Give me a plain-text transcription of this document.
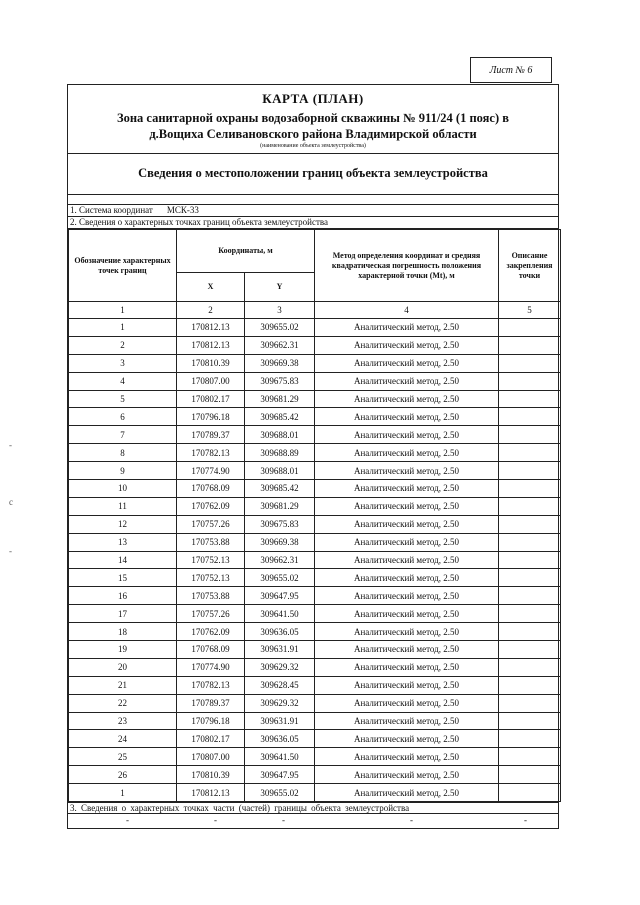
Лист № 6
КАРТА (ПЛАН)
Зона санитарной охраны водозаборной скважины № 911/24 (1 пояс) в
д.Вощиха Селивановского района Владимирской области
(наименование объекта землеустройства)
Сведения о местоположении границ объекта землеустройства
1. Система координат МСК-33
2. Сведения о характерных точках границ объекта землеустройства
Обозначение характерных точек границ	Координаты, м		Метод определения координат и средняя квадратическая погрешность положения характерной точки (Mt), м	Описание закрепления точки
	X	Y		
1	2	3	4	5
1	170812.13	309655.02	Аналитический метод, 2.50	
2	170812.13	309662.31	Аналитический метод, 2.50	
3	170810.39	309669.38	Аналитический метод, 2.50	
4	170807.00	309675.83	Аналитический метод, 2.50	
5	170802.17	309681.29	Аналитический метод, 2.50	
6	170796.18	309685.42	Аналитический метод, 2.50	
7	170789.37	309688.01	Аналитический метод, 2.50	
8	170782.13	309688.89	Аналитический метод, 2.50	
9	170774.90	309688.01	Аналитический метод, 2.50	
10	170768.09	309685.42	Аналитический метод, 2.50	
11	170762.09	309681.29	Аналитический метод, 2.50	
12	170757.26	309675.83	Аналитический метод, 2.50	
13	170753.88	309669.38	Аналитический метод, 2.50	
14	170752.13	309662.31	Аналитический метод, 2.50	
15	170752.13	309655.02	Аналитический метод, 2.50	
16	170753.88	309647.95	Аналитический метод, 2.50	
17	170757.26	309641.50	Аналитический метод, 2.50	
18	170762.09	309636.05	Аналитический метод, 2.50	
19	170768.09	309631.91	Аналитический метод, 2.50	
20	170774.90	309629.32	Аналитический метод, 2.50	
21	170782.13	309628.45	Аналитический метод, 2.50	
22	170789.37	309629.32	Аналитический метод, 2.50	
23	170796.18	309631.91	Аналитический метод, 2.50	
24	170802.17	309636.05	Аналитический метод, 2.50	
25	170807.00	309641.50	Аналитический метод, 2.50	
26	170810.39	309647.95	Аналитический метод, 2.50	
1	170812.13	309655.02	Аналитический метод, 2.50	
3. Сведения о характерных точках части (частей) границы объекта землеустройства
-	-	-	-	-
-
c
-
